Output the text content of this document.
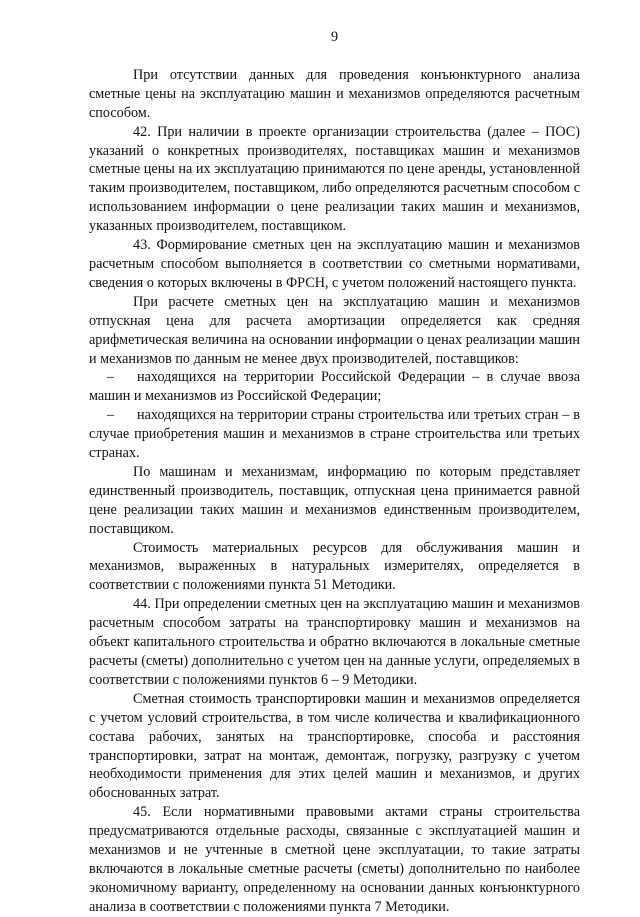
9

При отсутствии данных для проведения конъюнктурного анализа сметные цены на эксплуатацию машин и механизмов определяются расчетным способом.

42. При наличии в проекте организации строительства (далее – ПОС) указаний о конкретных производителях, поставщиках машин и механизмов сметные цены на их эксплуатацию принимаются по цене аренды, установленной таким производителем, поставщиком, либо определяются расчетным способом с использованием информации о цене реализации таких машин и механизмов, указанных производителем, поставщиком.

43. Формирование сметных цен на эксплуатацию машин и механизмов расчетным способом выполняется в соответствии со сметными нормативами, сведения о которых включены в ФРСН, с учетом положений настоящего пункта.

При расчете сметных цен на эксплуатацию машин и механизмов отпускная цена для расчета амортизации определяется как средняя арифметическая величина на основании информации о ценах реализации машин и механизмов по данным не менее двух производителей, поставщиков:

– находящихся на территории Российской Федерации – в случае ввоза машин и механизмов из Российской Федерации;

– находящихся на территории страны строительства или третьих стран – в случае приобретения машин и механизмов в стране строительства или третьих странах.

По машинам и механизмам, информацию по которым представляет единственный производитель, поставщик, отпускная цена принимается равной цене реализации таких машин и механизмов единственным производителем, поставщиком.

Стоимость материальных ресурсов для обслуживания машин и механизмов, выраженных в натуральных измерителях, определяется в соответствии с положениями пункта 51 Методики.

44. При определении сметных цен на эксплуатацию машин и механизмов расчетным способом затраты на транспортировку машин и механизмов на объект капитального строительства и обратно включаются в локальные сметные расчеты (сметы) дополнительно с учетом цен на данные услуги, определяемых в соответствии с положениями пунктов 6 – 9 Методики.

Сметная стоимость транспортировки машин и механизмов определяется с учетом условий строительства, в том числе количества и квалификационного состава рабочих, занятых на транспортировке, способа и расстояния транспортировки, затрат на монтаж, демонтаж, погрузку, разгрузку с учетом необходимости применения для этих целей машин и механизмов, и других обоснованных затрат.

45. Если нормативными правовыми актами страны строительства предусматриваются отдельные расходы, связанные с эксплуатацией машин и механизмов и не учтенные в сметной цене эксплуатации, то такие затраты включаются в локальные сметные расчеты (сметы) дополнительно по наиболее экономичному варианту, определенному на основании данных конъюнктурного анализа в соответствии с положениями пункта 7 Методики.
